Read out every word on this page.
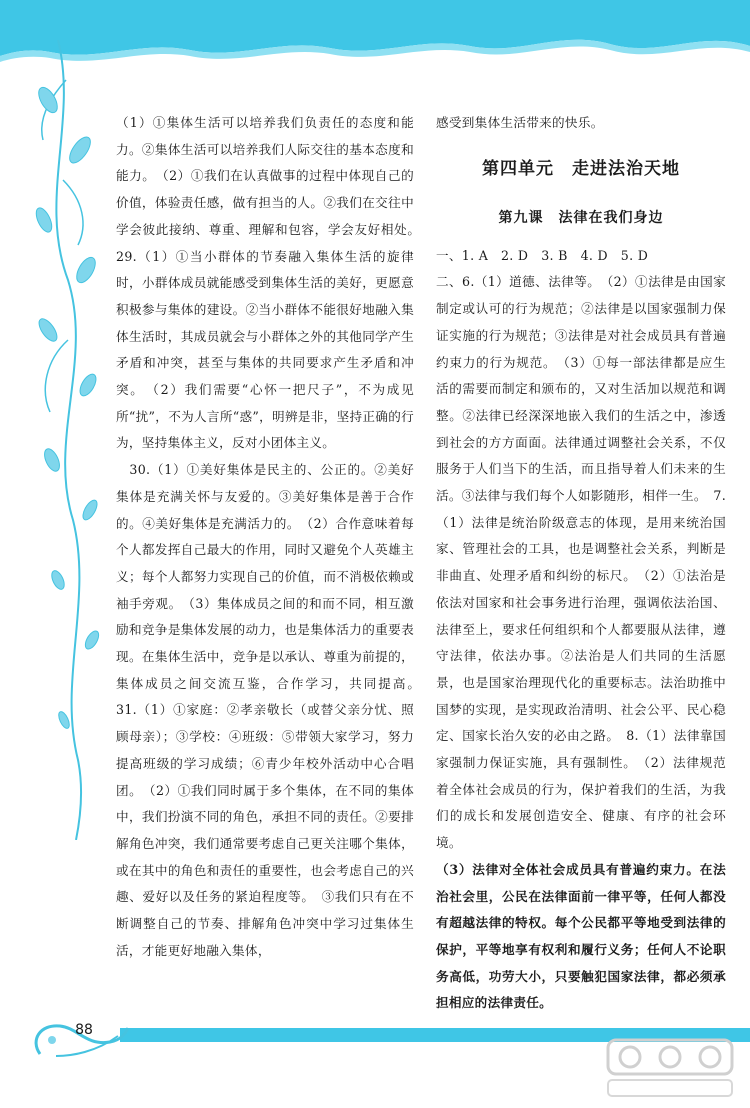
88

（1）①集体生活可以培养我们负责任的态度和能力。②集体生活可以培养我们人际交往的基本态度和能力。　（2）①我们在认真做事的过程中体现自己的价值，体验责任感，做有担当的人。②我们在交往中学会彼此接纳、尊重、理解和包容，学会友好相处。　29.（1）①当小群体的节奏融入集体生活的旋律时，小群体成员就能感受到集体生活的美好，更愿意积极参与集体的建设。②当小群体不能很好地融入集体生活时，其成员就会与小群体之外的其他同学产生矛盾和冲突，甚至与集体的共同要求产生矛盾和冲突。　（2）我们需要“心怀一把尺子”，不为成见所“扰”，不为人言所“惑”，明辨是非，坚持正确的行为，坚持集体主义，反对小团体主义。

　30.（1）①美好集体是民主的、公正的。②美好集体是充满关怀与友爱的。③美好集体是善于合作的。④美好集体是充满活力的。　（2）合作意味着每个人都发挥自己最大的作用，同时又避免个人英雄主义；每个人都努力实现自己的价值，而不消极依赖或袖手旁观。　（3）集体成员之间的和而不同，相互激励和竞争是集体发展的动力，也是集体活力的重要表现。在集体生活中，竞争是以承认、尊重为前提的，集体成员之间交流互鉴，合作学习，共同提高。　31.（1）①家庭：②孝亲敬长（或替父亲分忧、照顾母亲）；③学校：④班级：⑤带领大家学习，努力提高班级的学习成绩；⑥青少年校外活动中心合唱团。　（2）①我们同时属于多个集体，在不同的集体中，我们扮演不同的角色，承担不同的责任。②要排解角色冲突，我们通常要考虑自己更关注哪个集体，或在其中的角色和责任的重要性，也会考虑自己的兴趣、爱好以及任务的紧迫程度等。　③我们只有在不断调整自己的节奏、排解角色冲突中学习过集体生活，才能更好地融入集体，

感受到集体生活带来的快乐。

第四单元　走进法治天地
第九课　法律在我们身边

一、1. A　2. D　3. B　4. D　5. D

二、6.（1）道德、法律等。　（2）①法律是由国家制定或认可的行为规范；②法律是以国家强制力保证实施的行为规范；③法律是对社会成员具有普遍约束力的行为规范。　（3）①每一部法律都是应生活的需要而制定和颁布的，又对生活加以规范和调整。②法律已经深深地嵌入我们的生活之中，渗透到社会的方方面面。法律通过调整社会关系，不仅服务于人们当下的生活，而且指导着人们未来的生活。③法律与我们每个人如影随形，相伴一生。　7.（1）法律是统治阶级意志的体现，是用来统治国家、管理社会的工具，也是调整社会关系，判断是非曲直、处理矛盾和纠纷的标尺。　（2）①法治是依法对国家和社会事务进行治理，强调依法治国、法律至上，要求任何组织和个人都要服从法律，遵守法律，依法办事。②法治是人们共同的生活愿景，也是国家治理现代化的重要标志。法治助推中国梦的实现，是实现政治清明、社会公平、民心稳定、国家长治久安的必由之路。　8.（1）法律靠国家强制力保证实施，具有强制性。　（2）法律规范着全体社会成员的行为，保护着我们的生活，为我们的成长和发展创造安全、健康、有序的社会环境。

（3）法律对全体社会成员具有普遍约束力。在法治社会里，公民在法律面前一律平等，任何人都没有超越法律的特权。每个公民都平等地受到法律的保护，平等地享有权利和履行义务；任何人不论职务高低，功劳大小，只要触犯国家法律，都必须承担相应的法律责任。
